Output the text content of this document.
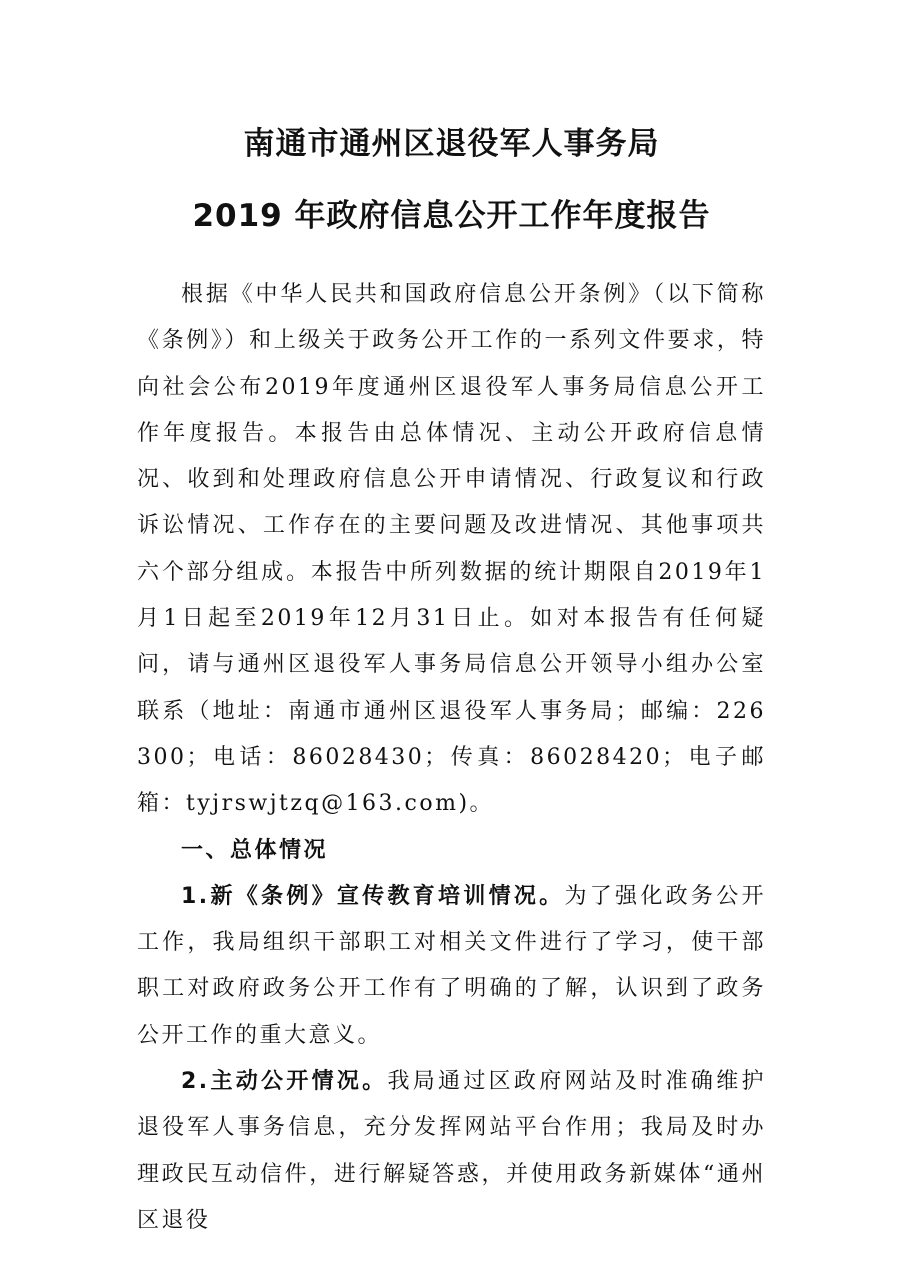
南通市通州区退役军人事务局
2019 年政府信息公开工作年度报告

根据《中华人民共和国政府信息公开条例》（以下简称《条例》）和上级关于政务公开工作的一系列文件要求，特向社会公布2019年度通州区退役军人事务局信息公开工作年度报告。本报告由总体情况、主动公开政府信息情况、收到和处理政府信息公开申请情况、行政复议和行政诉讼情况、工作存在的主要问题及改进情况、其他事项共六个部分组成。本报告中所列数据的统计期限自2019年1月1日起至2019年12月31日止。如对本报告有任何疑问，请与通州区退役军人事务局信息公开领导小组办公室联系（地址：南通市通州区退役军人事务局；邮编：226300；电话：86028430；传真：86028420；电子邮箱：tyjrswjtzq@163.com)。

一、总体情况

1.新《条例》宣传教育培训情况。为了强化政务公开工作，我局组织干部职工对相关文件进行了学习，使干部职工对政府政务公开工作有了明确的了解，认识到了政务公开工作的重大意义。

2.主动公开情况。我局通过区政府网站及时准确维护退役军人事务信息，充分发挥网站平台作用；我局及时办理政民互动信件，进行解疑答惑，并使用政务新媒体“通州区退役
